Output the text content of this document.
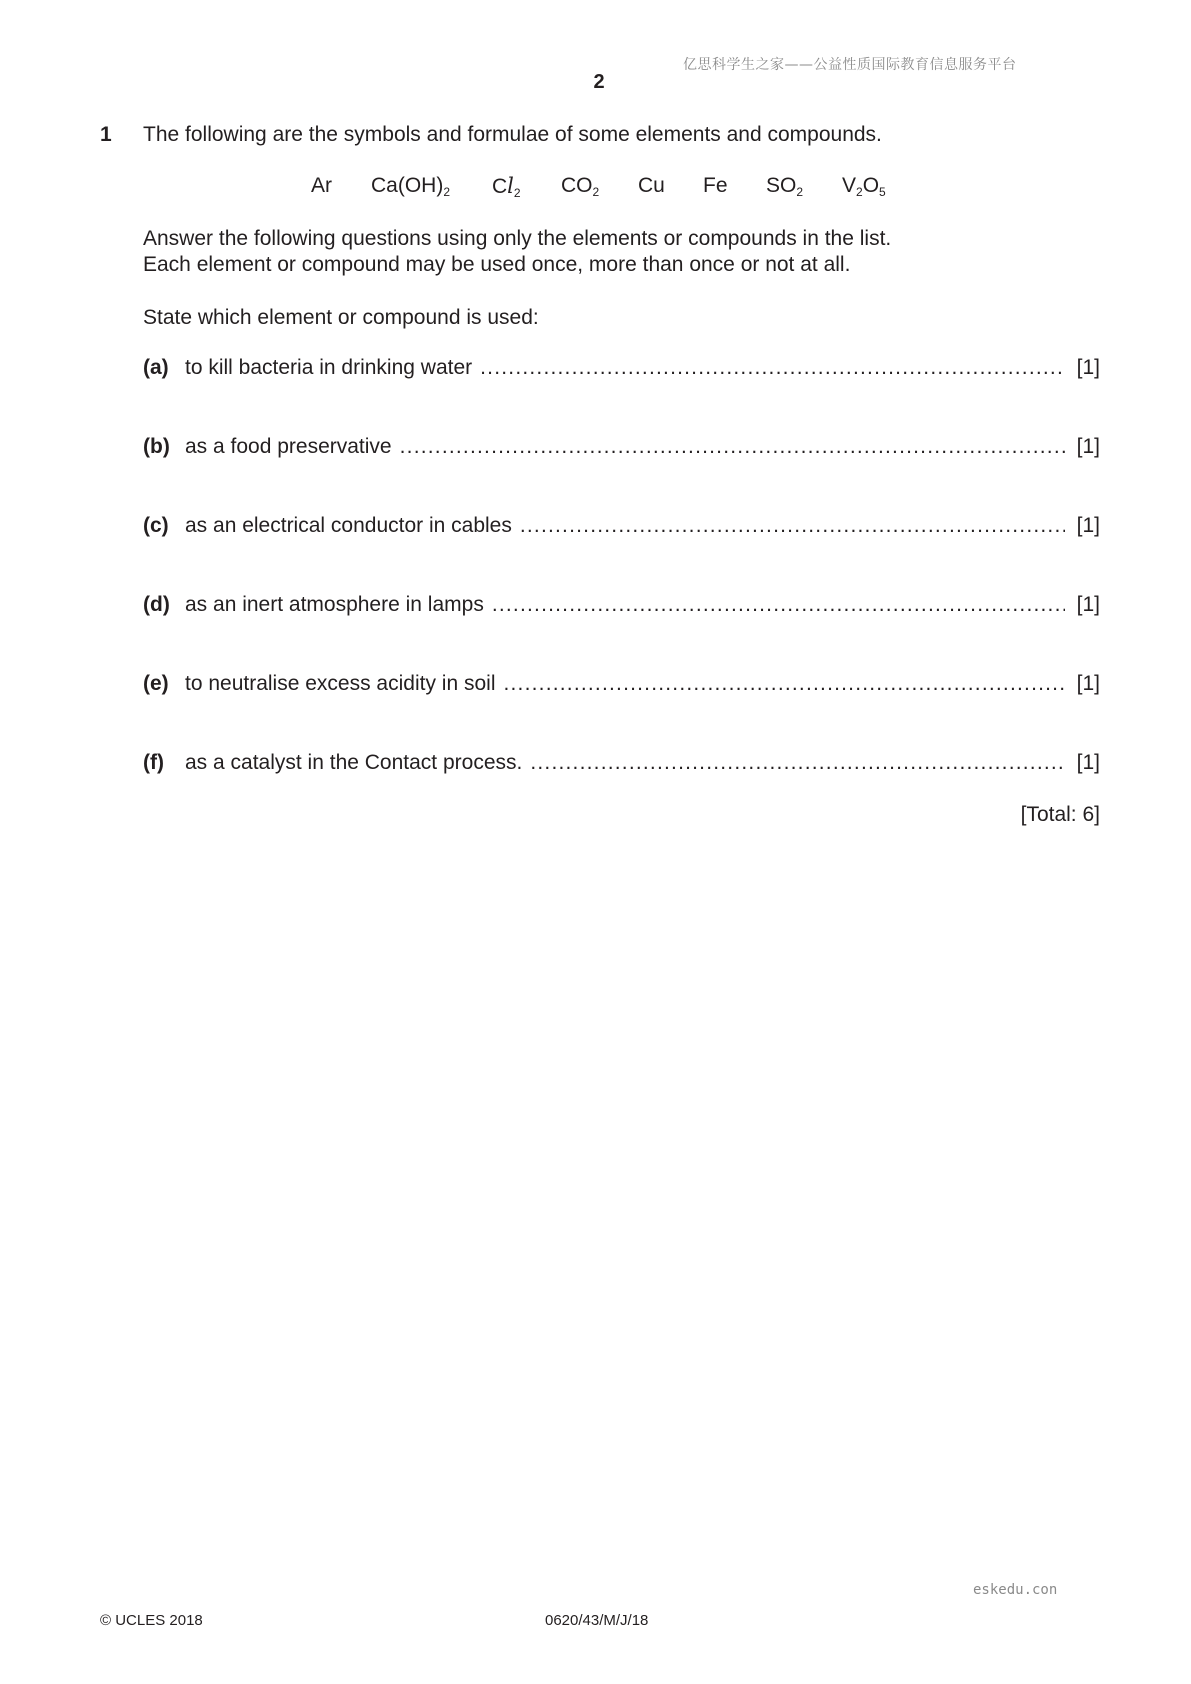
亿思科学生之家——公益性质国际教育信息服务平台
2
1 The following are the symbols and formulae of some elements and compounds.
Ar $Ca(OH)_2$ $Cl_2$ $CO_2$ Cu Fe $SO_2$ $V_2O_5$
Answer the following questions using only the elements or compounds in the list.
Each element or compound may be used once, more than once or not at all.
State which element or compound is used:
(a) to kill bacteria in drinking water .....	[1]
(b) as a food preservative .....	[1]
(c) as an electrical conductor in cables .....	[1]
(d) as an inert atmosphere in lamps .....	[1]
(e) to neutralise excess acidity in soil .....	[1]
(f)	as a catalyst in the Contact process. .....	[1]
[Total: 6]
eskedu.con
© UCLES 2018	0620/43/M/J/18
